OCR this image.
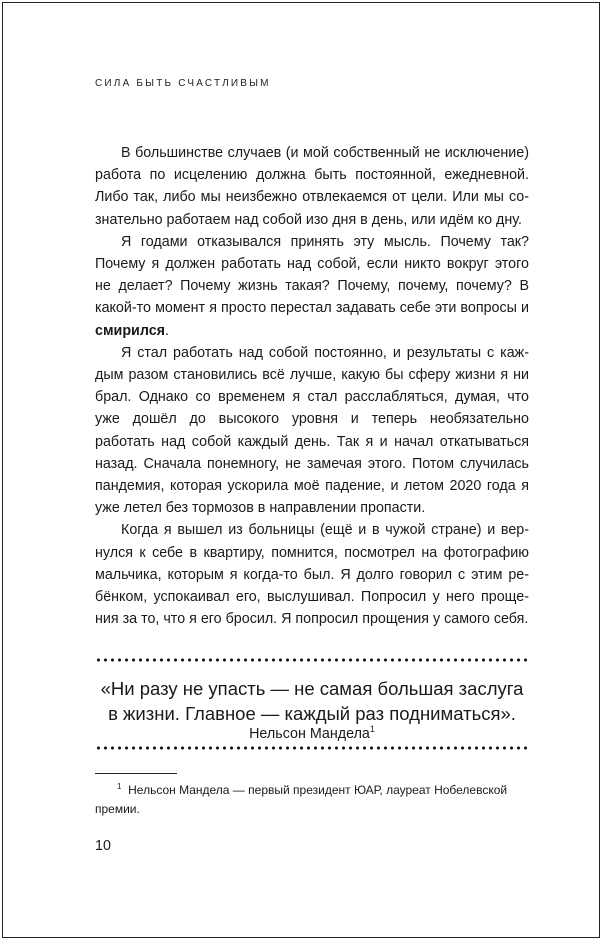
СИЛА БЫТЬ СЧАСТЛИВЫМ

В большинстве случаев (и мой собственный не исключение) работа по исцелению должна быть постоянной, ежедневной. Либо так, либо мы неизбежно отвлекаемся от цели. Или мы сознательно работаем над собой изо дня в день, или идём ко дну.

Я годами отказывался принять эту мысль. Почему так? Почему я должен работать над собой, если никто вокруг этого не делает? Почему жизнь такая? Почему, почему, почему? В какой-то момент я просто перестал задавать себе эти вопросы и смирился.

Я стал работать над собой постоянно, и результаты с каждым разом становились всё лучше, какую бы сферу жизни я ни брал. Однако со временем я стал расслабляться, думая, что уже дошёл до высокого уровня и теперь необязательно работать над собой каждый день. Так я и начал откатываться назад. Сначала понемногу, не замечая этого. Потом случилась пандемия, которая ускорила моё падение, и летом 2020 года я уже летел без тормозов в направлении пропасти.

Когда я вышел из больницы (ещё и в чужой стране) и вернулся к себе в квартиру, помнится, посмотрел на фотографию мальчика, которым я когда-то был. Я долго говорил с этим ребёнком, успокаивал его, выслушивал. Попросил у него прощения за то, что я его бросил. Я попросил прощения у самого себя.

«Ни разу не упасть — не самая большая заслуга
в жизни. Главное — каждый раз подниматься».
Нельсон Мандела$^1$
$^1$ Нельсон Мандела — первый президент ЮАР, лауреат Нобелевской премии.
10
